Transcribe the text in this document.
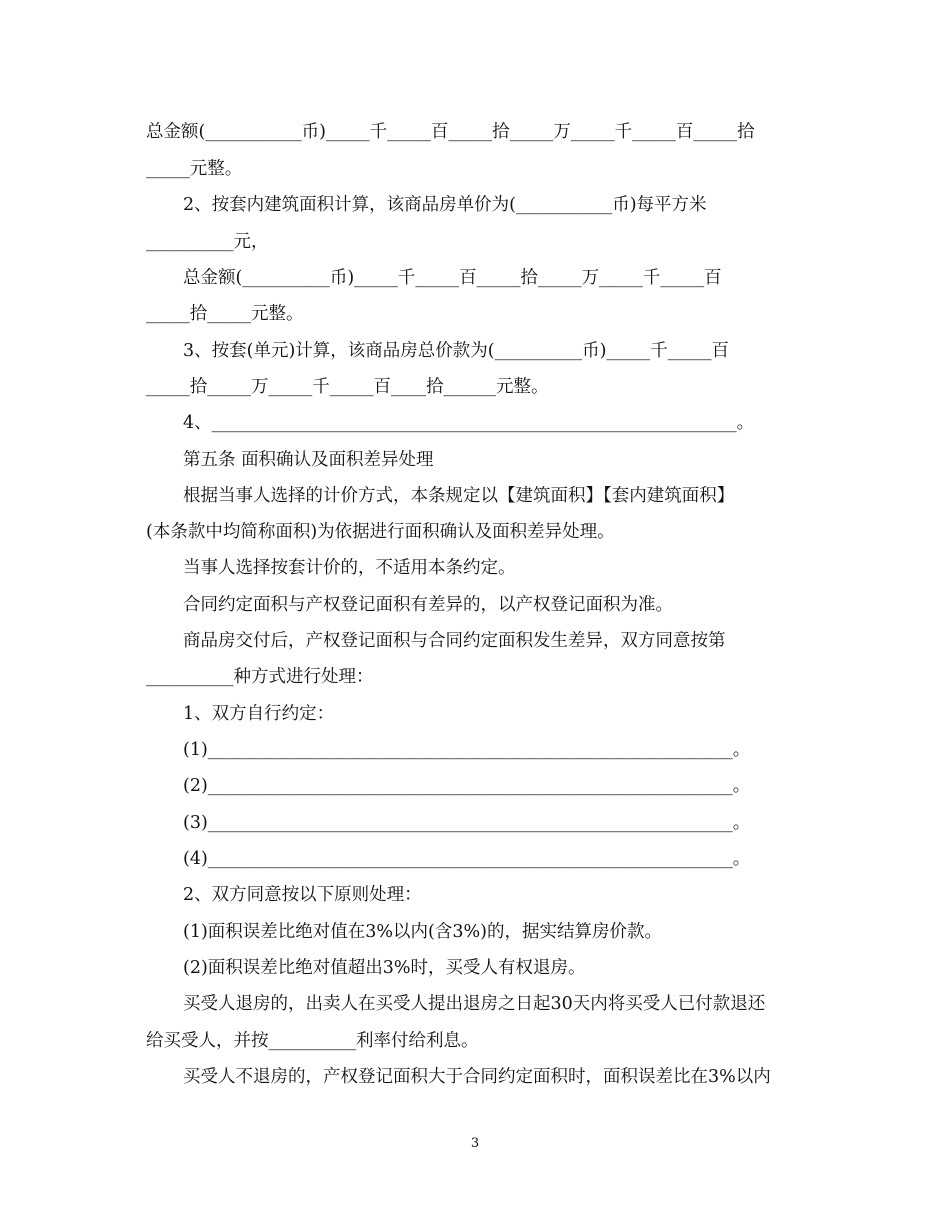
总金额(___________币)_____千_____百_____拾_____万_____千_____百_____拾
_____元整。
2、按套内建筑面积计算，该商品房单价为(___________币)每平方米
__________元，
总金额(__________币)_____千_____百_____拾_____万_____千_____百
_____拾_____元整。
3、按套(单元)计算，该商品房总价款为(__________币)_____千_____百
_____拾_____万_____千_____百____拾______元整。
4、____________________________________________________________。
第五条 面积确认及面积差异处理
根据当事人选择的计价方式，本条规定以【建筑面积】【套内建筑面积】
(本条款中均简称面积)为依据进行面积确认及面积差异处理。
当事人选择按套计价的，不适用本条约定。
合同约定面积与产权登记面积有差异的，以产权登记面积为准。
商品房交付后，产权登记面积与合同约定面积发生差异，双方同意按第
__________种方式进行处理：
1、双方自行约定：
(1)____________________________________________________________。
(2)____________________________________________________________。
(3)____________________________________________________________。
(4)____________________________________________________________。
2、双方同意按以下原则处理：
(1)面积误差比绝对值在3%以内(含3%)的，据实结算房价款。
(2)面积误差比绝对值超出3%时，买受人有权退房。
买受人退房的，出卖人在买受人提出退房之日起30天内将买受人已付款退还
给买受人，并按__________利率付给利息。
买受人不退房的，产权登记面积大于合同约定面积时，面积误差比在3%以内
3
